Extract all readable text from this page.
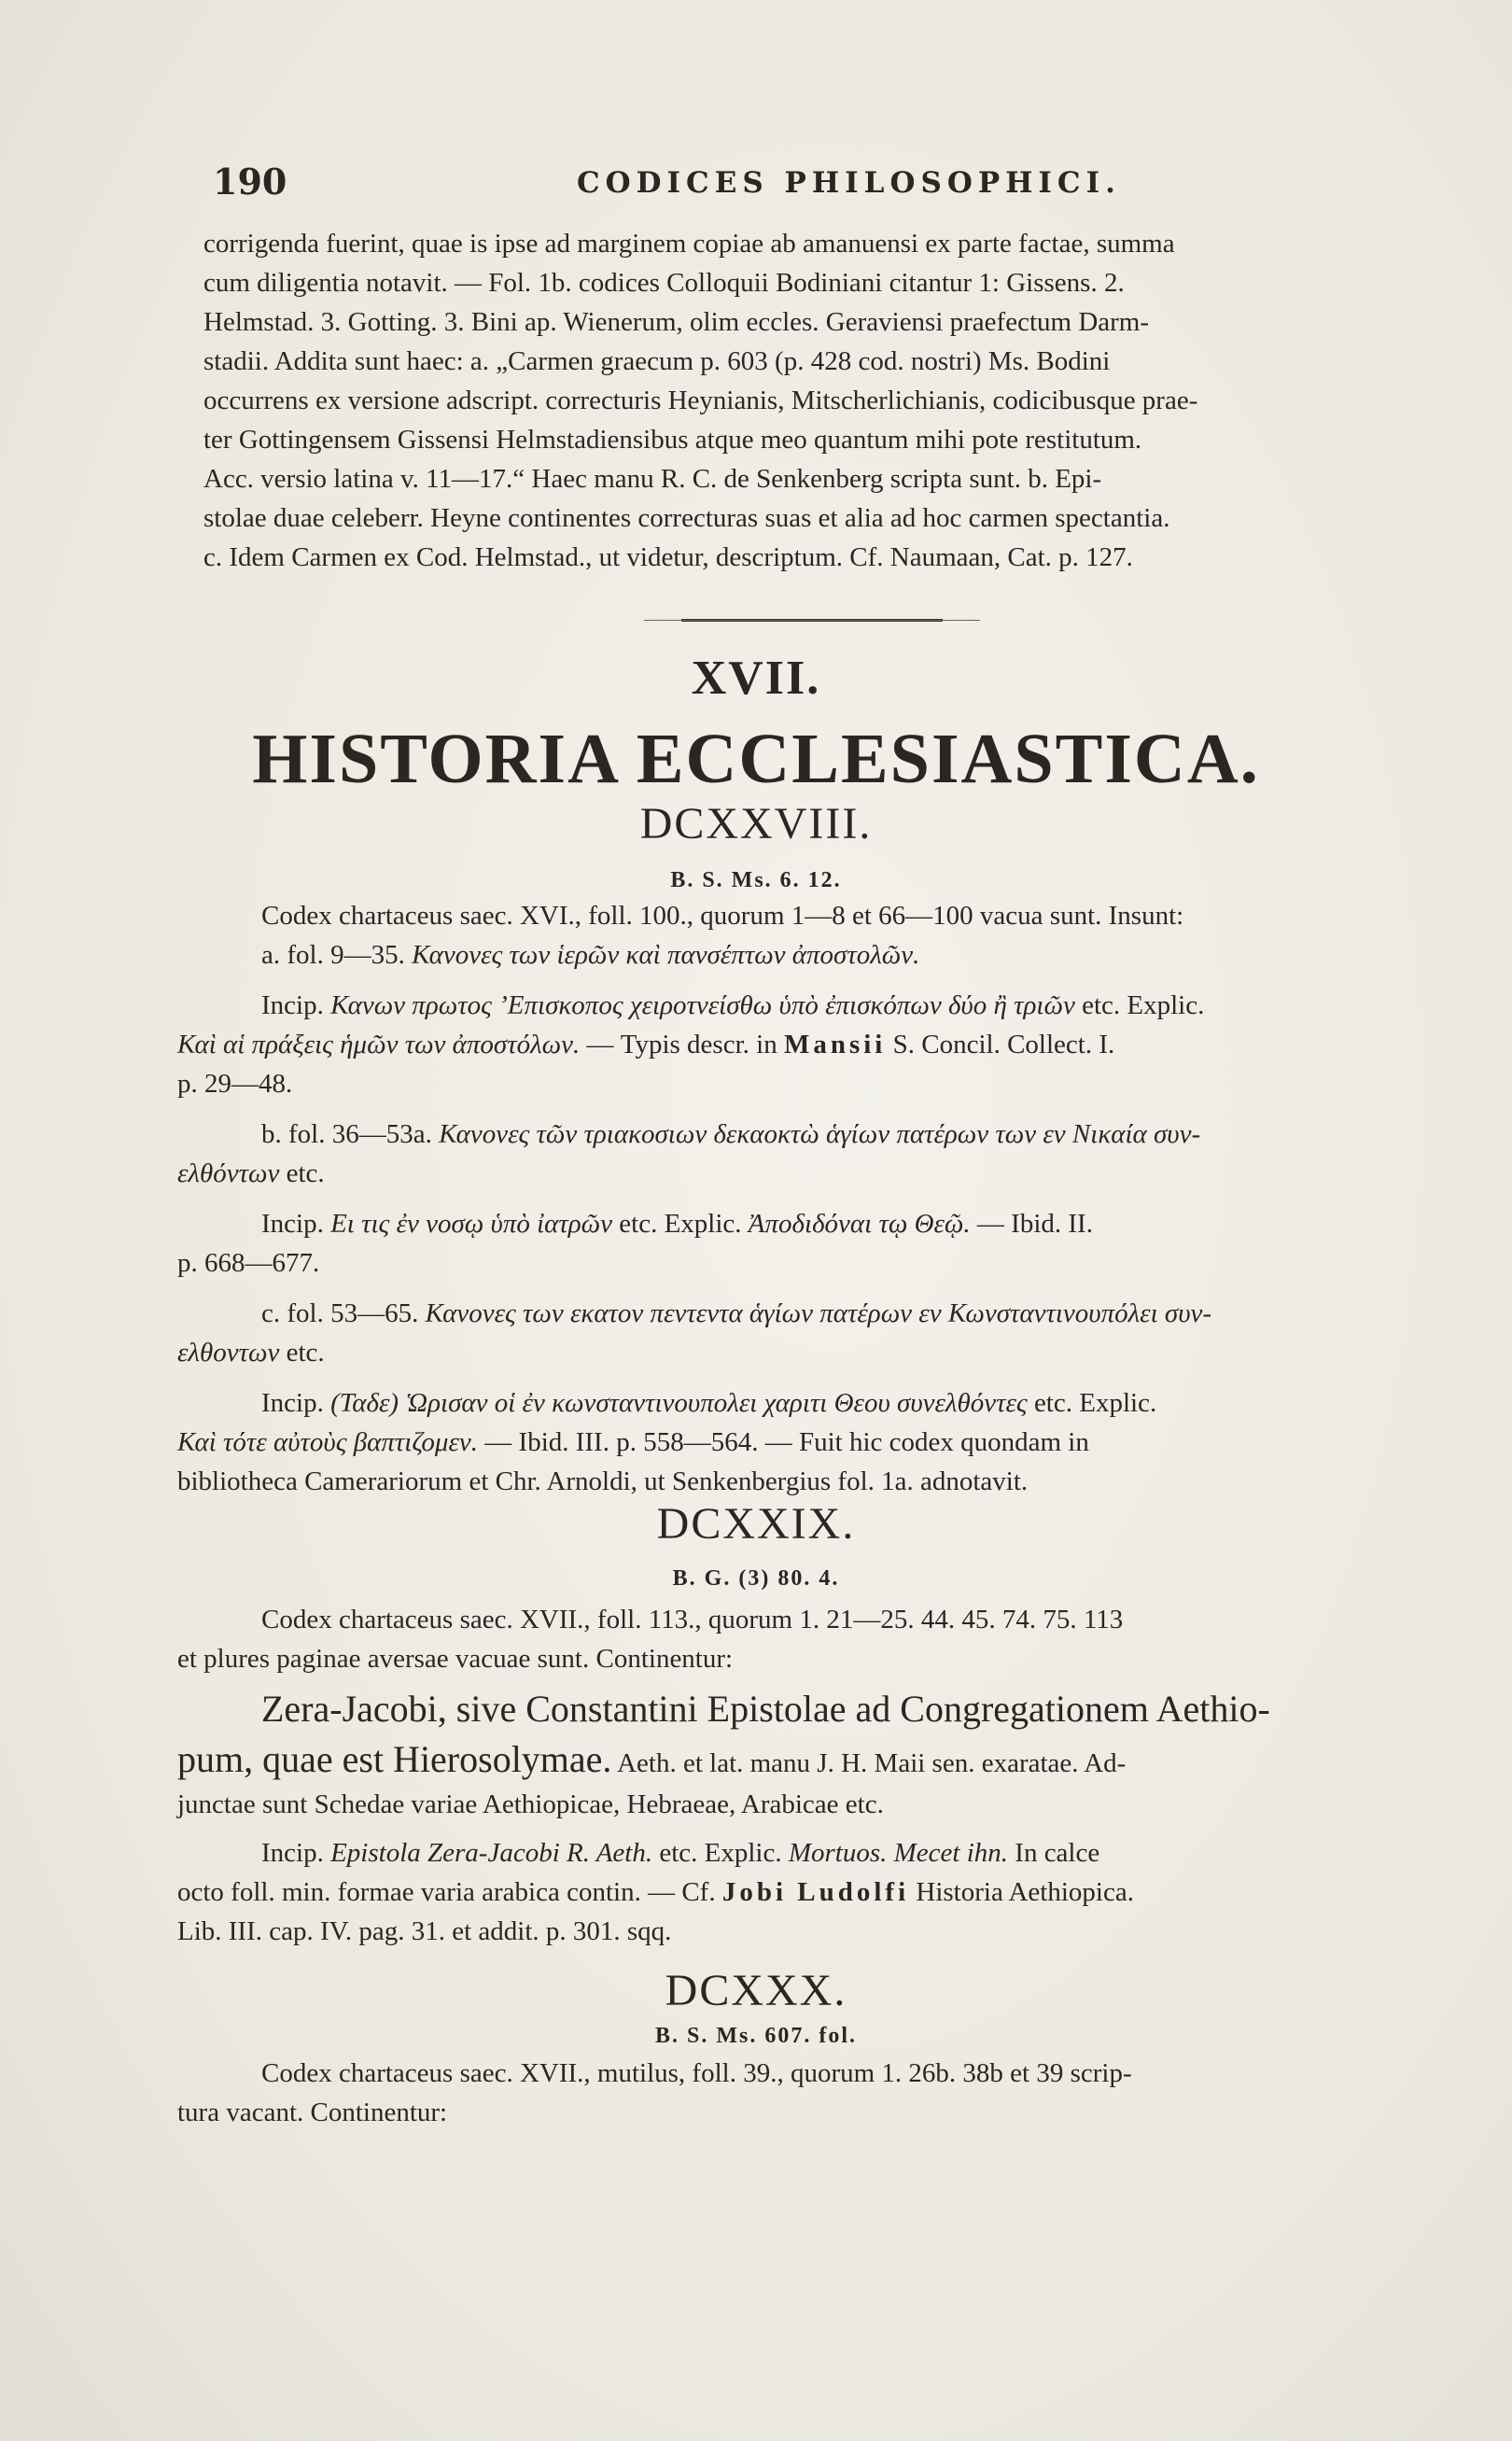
190	CODICES PHILOSOPHICI.
corrigenda fuerint, quae is ipse ad marginem copiae ab amanuensi ex parte factae, summa
cum diligentia notavit. — Fol. 1b. codices Colloquii Bodiniani citantur 1: Gissens. 2.
Helmstad. 3. Gotting. 3. Bini ap. Wienerum, olim eccles. Geraviensi praefectum Darm-
stadii. Addita sunt haec: a. „Carmen graecum p. 603 (p. 428 cod. nostri) Ms. Bodini
occurrens ex versione adscript. correcturis Heynianis, Mitscherlichianis, codicibusque prae-
ter Gottingensem Gissensi Helmstadiensibus atque meo quantum mihi pote restitutum.
Acc. versio latina v. 11—17.“ Haec manu R. C. de Senkenberg scripta sunt. b. Epi-
stolae duae celeberr. Heyne continentes correcturas suas et alia ad hoc carmen spectantia.
c. Idem Carmen ex Cod. Helmstad., ut videtur, descriptum. Cf. Naumaan, Cat. p. 127.
XVII.
HISTORIA ECCLESIASTICA.
DCXXVIII.
B. S. Ms. 6. 12.
Codex chartaceus saec. XVI., foll. 100., quorum 1—8 et 66—100 vacua sunt. Insunt:
a. fol. 9—35. Κανονες των ἱερῶν καὶ πανσέπτων ἀποστολῶν.
Incip. Κανων πρωτος ’Επισκοπος χειροτνείσθω ὑπὸ ἐπισκόπων δύο ἢ τριῶν etc. Explic.
Καὶ αἱ πράξεις ἡμῶν των ἀποστόλων. — Typis descr. in Mansii S. Concil. Collect. I.
p. 29—48.
b. fol. 36—53a. Κανονες τῶν τριακοσιων δεκαοκτὼ ἁγίων πατέρων των εν Νικαία συν-
ελθόντων etc.
Incip. Ει τις ἐν νοσῳ ὑπὸ ἰατρῶν etc. Explic. Ἀποδιδόναι τῳ Θεῷ. — Ibid. II.
p. 668—677.
c. fol. 53—65. Κανονες των εκατον πεντεντα ἁγίων πατέρων εν Κωνσταντινουπόλει συν-
ελθοντων etc.
Incip. (Ταδε) Ὡρισαν οἱ ἐν κωνσταντινουπολει χαριτι Θεου συνελθόντες etc. Explic.
Καὶ τότε αὐτοὺς βαπτιζομεν. — Ibid. III. p. 558—564. — Fuit hic codex quondam in
bibliotheca Camerariorum et Chr. Arnoldi, ut Senkenbergius fol. 1a. adnotavit.
DCXXIX.
B. G. (3) 80. 4.
Codex chartaceus saec. XVII., foll. 113., quorum 1. 21—25. 44. 45. 74. 75. 113
et plures paginae aversae vacuae sunt. Continentur:
Zera-Jacobi, sive Constantini Epistolae ad Congregationem Aethio-
pum, quae est Hierosolymae. Aeth. et lat. manu J. H. Maii sen. exaratae. Ad-
junctae sunt Schedae variae Aethiopicae, Hebraeae, Arabicae etc.
Incip. Epistola Zera-Jacobi R. Aeth. etc. Explic. Mortuos. Mecet ihn. In calce
octo foll. min. formae varia arabica contin. — Cf. Jobi Ludolfi Historia Aethiopica.
Lib. III. cap. IV. pag. 31. et addit. p. 301. sqq.
DCXXX.
B. S. Ms. 607. fol.
Codex chartaceus saec. XVII., mutilus, foll. 39., quorum 1. 26b. 38b et 39 scrip-
tura vacant. Continentur:
